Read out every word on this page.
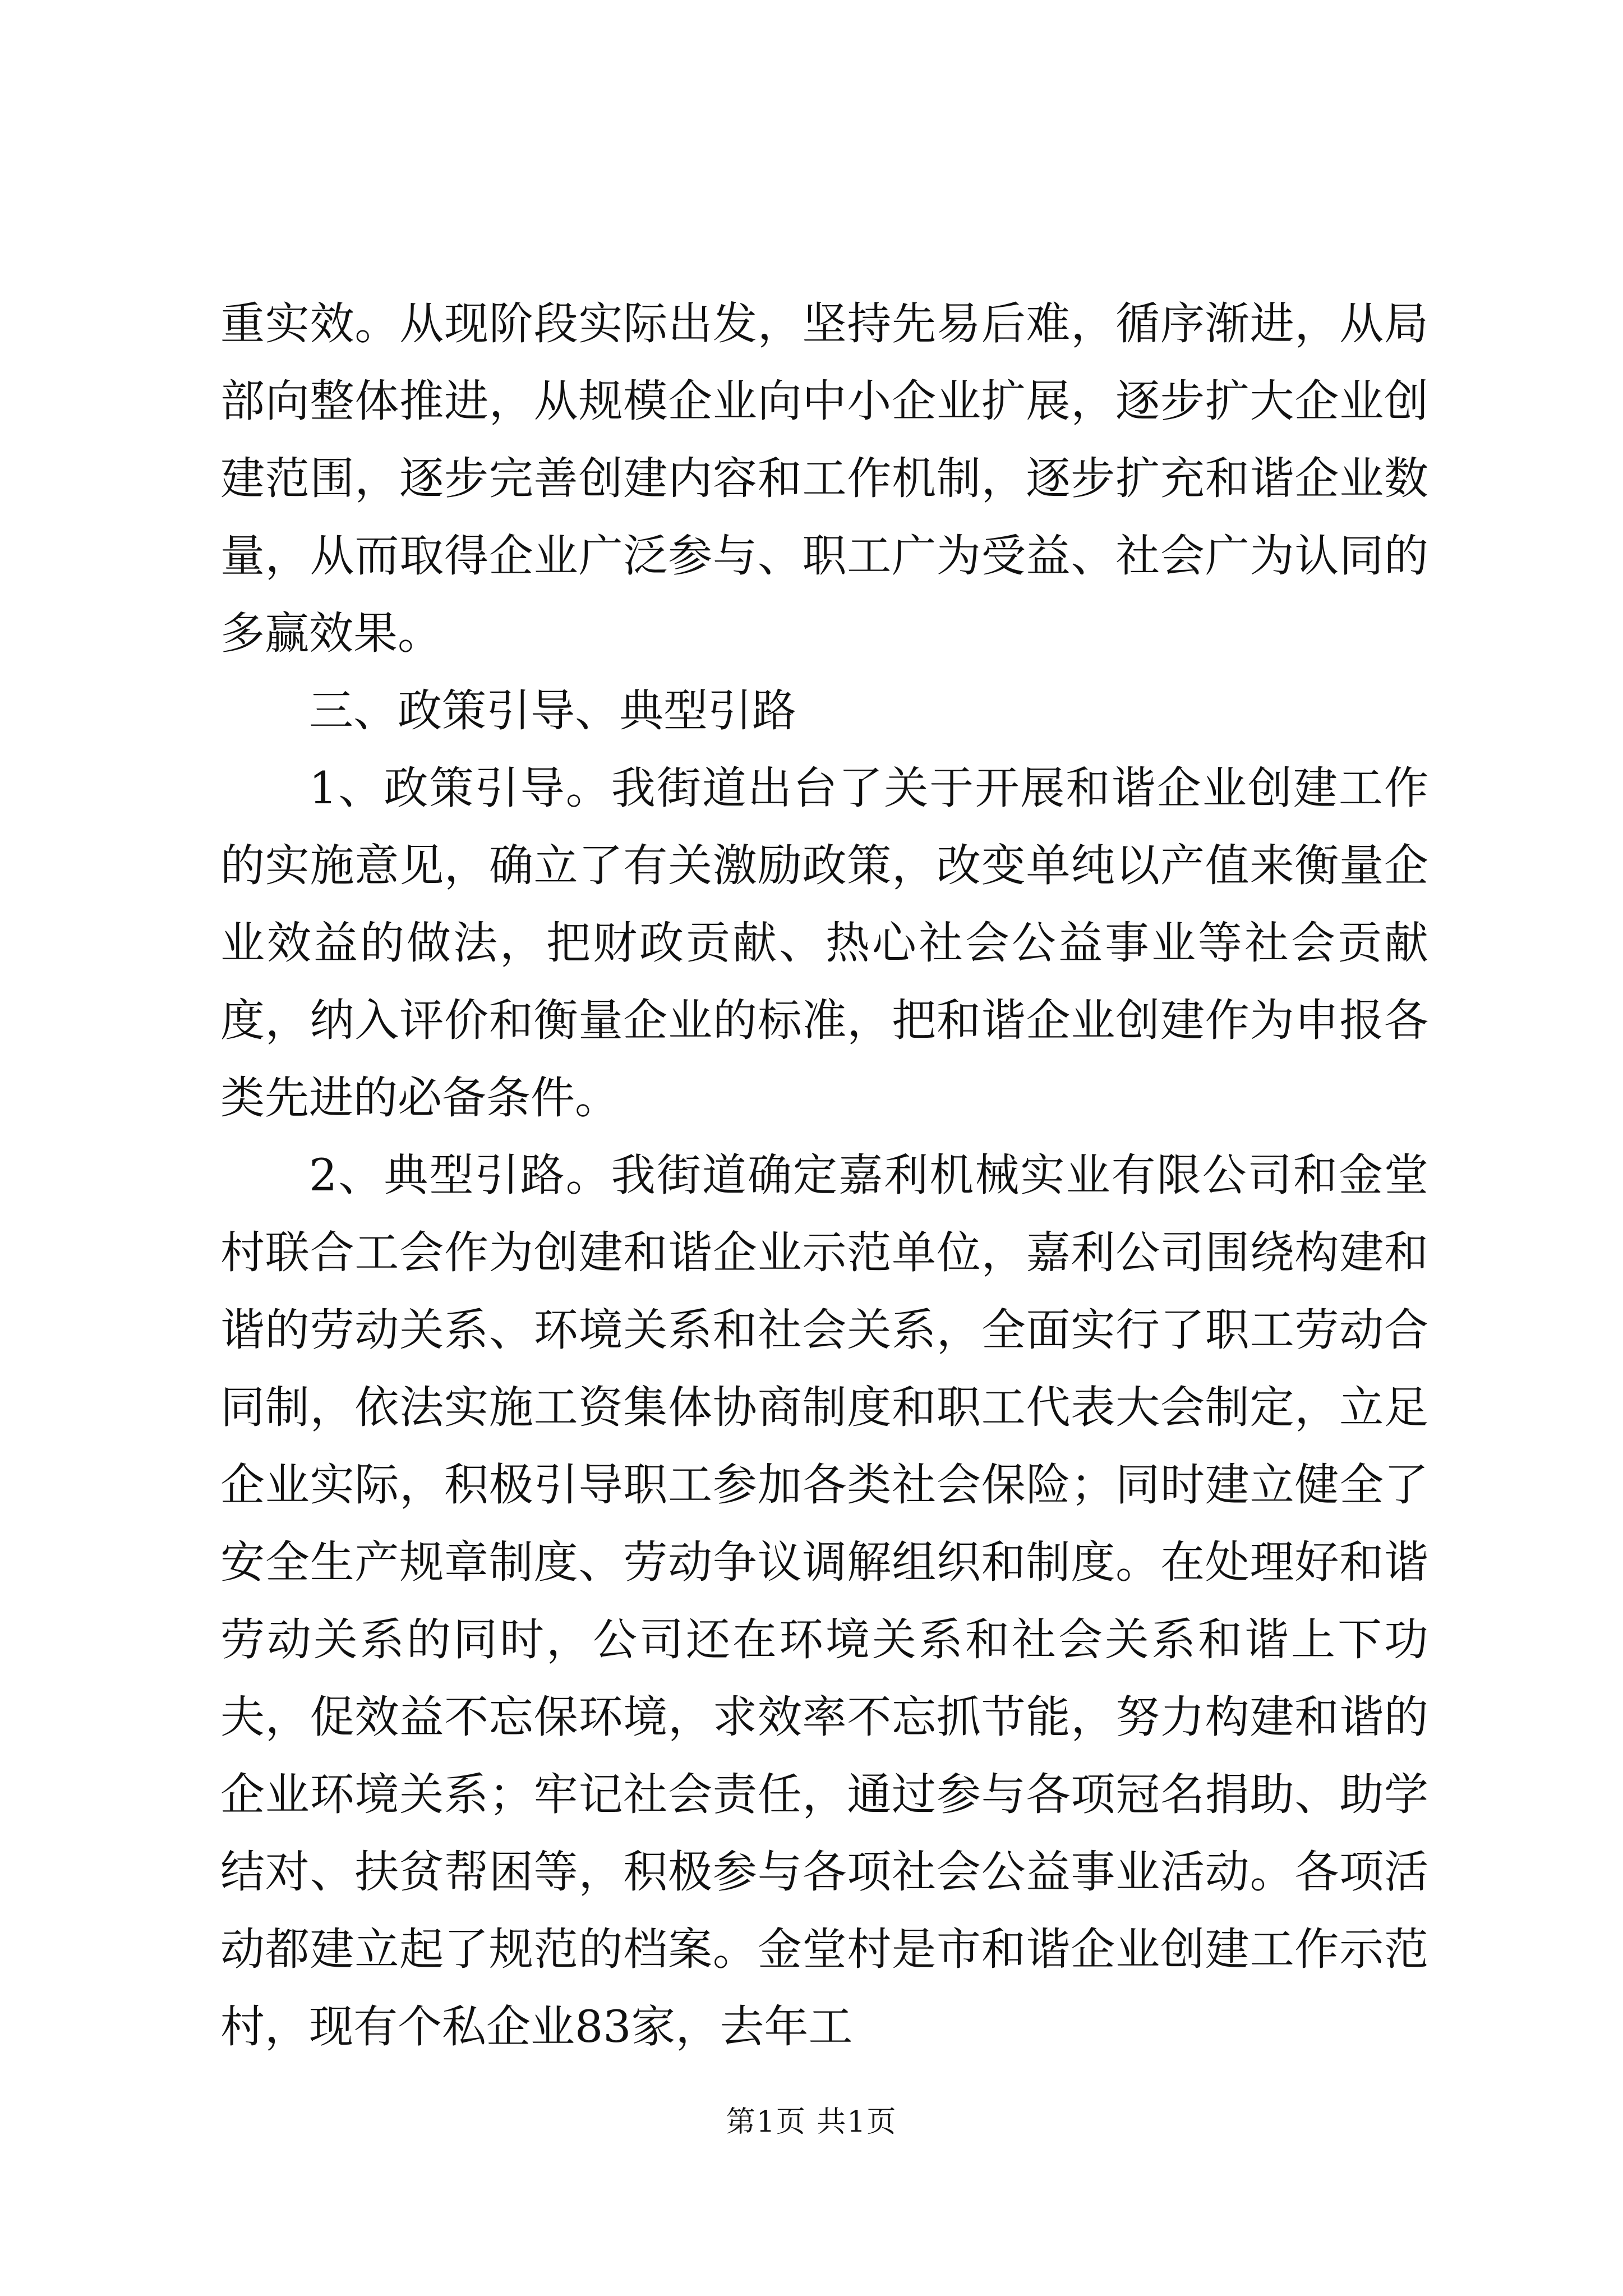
重实效。从现阶段实际出发，坚持先易后难，循序渐进，从局部向整体推进，从规模企业向中小企业扩展，逐步扩大企业创建范围，逐步完善创建内容和工作机制，逐步扩充和谐企业数量，从而取得企业广泛参与、职工广为受益、社会广为认同的多赢效果。

三、政策引导、典型引路

1、政策引导。我街道出台了关于开展和谐企业创建工作的实施意见，确立了有关激励政策，改变单纯以产值来衡量企业效益的做法，把财政贡献、热心社会公益事业等社会贡献度，纳入评价和衡量企业的标准，把和谐企业创建作为申报各类先进的必备条件。

2、典型引路。我街道确定嘉利机械实业有限公司和金堂村联合工会作为创建和谐企业示范单位，嘉利公司围绕构建和谐的劳动关系、环境关系和社会关系，全面实行了职工劳动合同制，依法实施工资集体协商制度和职工代表大会制定，立足企业实际，积极引导职工参加各类社会保险；同时建立健全了安全生产规章制度、劳动争议调解组织和制度。在处理好和谐劳动关系的同时，公司还在环境关系和社会关系和谐上下功夫，促效益不忘保环境，求效率不忘抓节能，努力构建和谐的企业环境关系；牢记社会责任，通过参与各项冠名捐助、助学结对、扶贫帮困等，积极参与各项社会公益事业活动。各项活动都建立起了规范的档案。金堂村是市和谐企业创建工作示范村，现有个私企业83家，去年工

第1页 共1页
